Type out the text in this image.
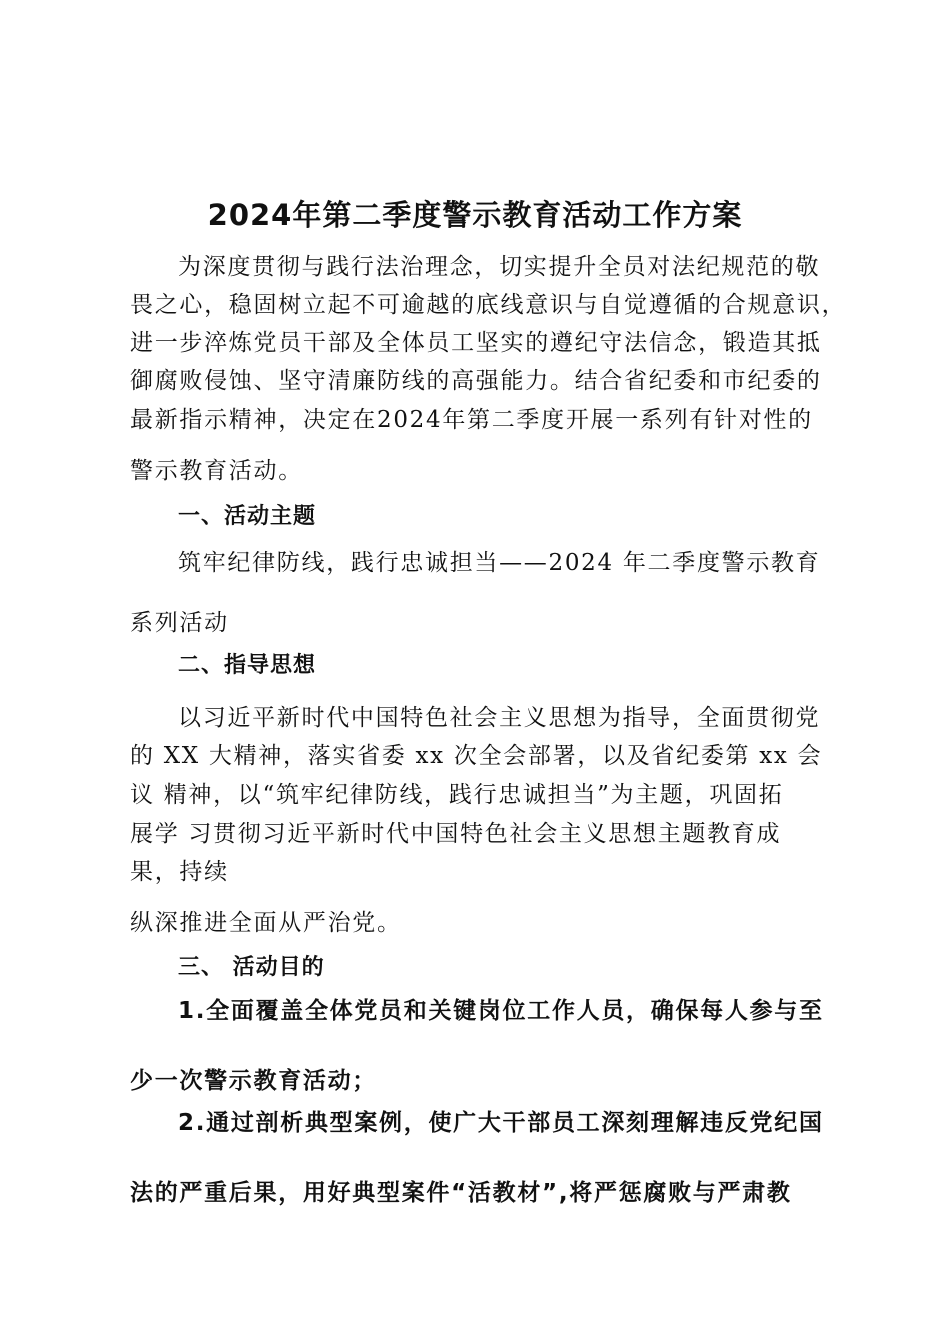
2024年第二季度警示教育活动工作方案
为深度贯彻与践行法治理念，切实提升全员对法纪规范的敬
畏之心，稳固树立起不可逾越的底线意识与自觉遵循的合规意识，
进一步淬炼党员干部及全体员工坚实的遵纪守法信念，锻造其抵
御腐败侵蚀、坚守清廉防线的高强能力。结合省纪委和市纪委的
最新指示精神，决定在2024年第二季度开展一系列有针对性的
警示教育活动。
一、活动主题
筑牢纪律防线，践行忠诚担当——2024 年二季度警示教育
系列活动
二、指导思想
以习近平新时代中国特色社会主义思想为指导，全面贯彻党
的 XX 大精神，落实省委 xx 次全会部署，以及省纪委第 xx 会
议 精神，以“筑牢纪律防线，践行忠诚担当”为主题，巩固拓
展学 习贯彻习近平新时代中国特色社会主义思想主题教育成
果，持续
纵深推进全面从严治党。
三、 活动目的
1.全面覆盖全体党员和关键岗位工作人员，确保每人参与至
少一次警示教育活动；
2.通过剖析典型案例，使广大干部员工深刻理解违反党纪国
法的严重后果，用好典型案件“活教材”,将严惩腐败与严肃教
